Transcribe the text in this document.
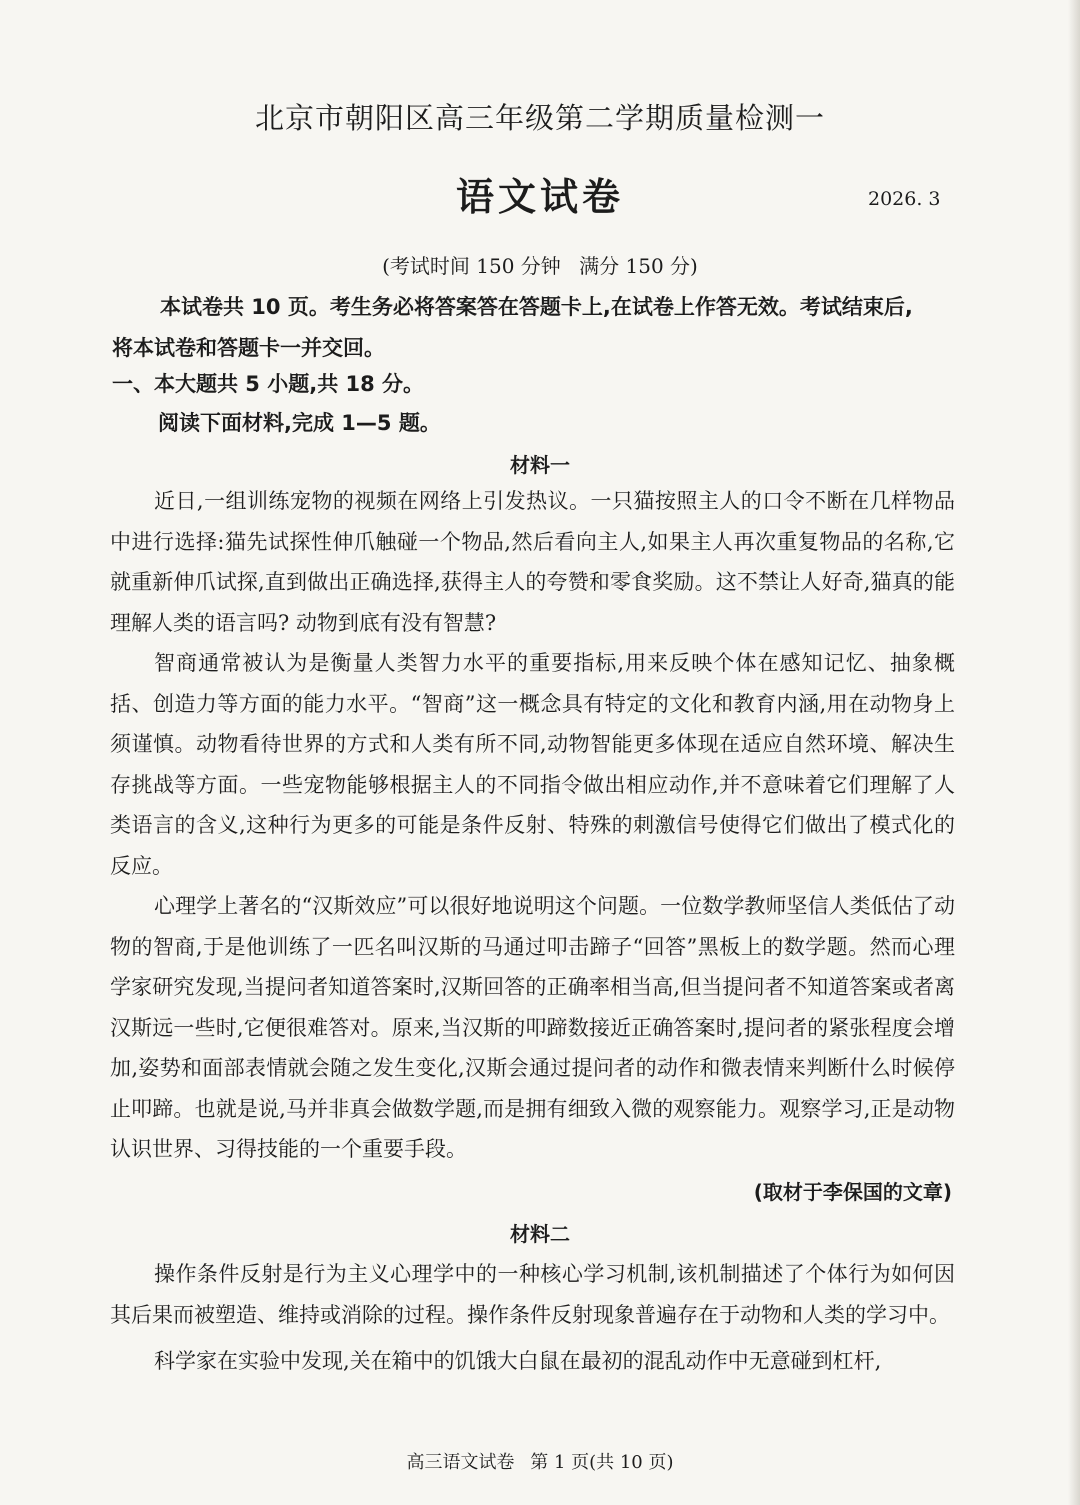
北京市朝阳区高三年级第二学期质量检测一
语文试卷	2026. 3
(考试时间 150 分钟 满分 150 分)
本试卷共 10 页。考生务必将答案答在答题卡上,在试卷上作答无效。考试结束后,
将本试卷和答题卡一并交回。
一、本大题共 5 小题,共 18 分。
阅读下面材料,完成 1—5 题。
材料一

近日,一组训练宠物的视频在网络上引发热议。一只猫按照主人的口令不断在几样物品中进行选择:猫先试探性伸爪触碰一个物品,然后看向主人,如果主人再次重复物品的名称,它就重新伸爪试探,直到做出正确选择,获得主人的夸赞和零食奖励。这不禁让人好奇,猫真的能理解人类的语言吗? 动物到底有没有智慧?

智商通常被认为是衡量人类智力水平的重要指标,用来反映个体在感知记忆、抽象概括、创造力等方面的能力水平。“智商”这一概念具有特定的文化和教育内涵,用在动物身上须谨慎。动物看待世界的方式和人类有所不同,动物智能更多体现在适应自然环境、解决生存挑战等方面。一些宠物能够根据主人的不同指令做出相应动作,并不意味着它们理解了人类语言的含义,这种行为更多的可能是条件反射、特殊的刺激信号使得它们做出了模式化的反应。

心理学上著名的“汉斯效应”可以很好地说明这个问题。一位数学教师坚信人类低估了动物的智商,于是他训练了一匹名叫汉斯的马通过叩击蹄子“回答”黑板上的数学题。然而心理学家研究发现,当提问者知道答案时,汉斯回答的正确率相当高,但当提问者不知道答案或者离汉斯远一些时,它便很难答对。原来,当汉斯的叩蹄数接近正确答案时,提问者的紧张程度会增加,姿势和面部表情就会随之发生变化,汉斯会通过提问者的动作和微表情来判断什么时候停止叩蹄。也就是说,马并非真会做数学题,而是拥有细致入微的观察能力。观察学习,正是动物认识世界、习得技能的一个重要手段。

(取材于李保国的文章)
材料二

操作条件反射是行为主义心理学中的一种核心学习机制,该机制描述了个体行为如何因其后果而被塑造、维持或消除的过程。操作条件反射现象普遍存在于动物和人类的学习中。

科学家在实验中发现,关在箱中的饥饿大白鼠在最初的混乱动作中无意碰到杠杆,

高三语文试卷 第 1 页(共 10 页)
